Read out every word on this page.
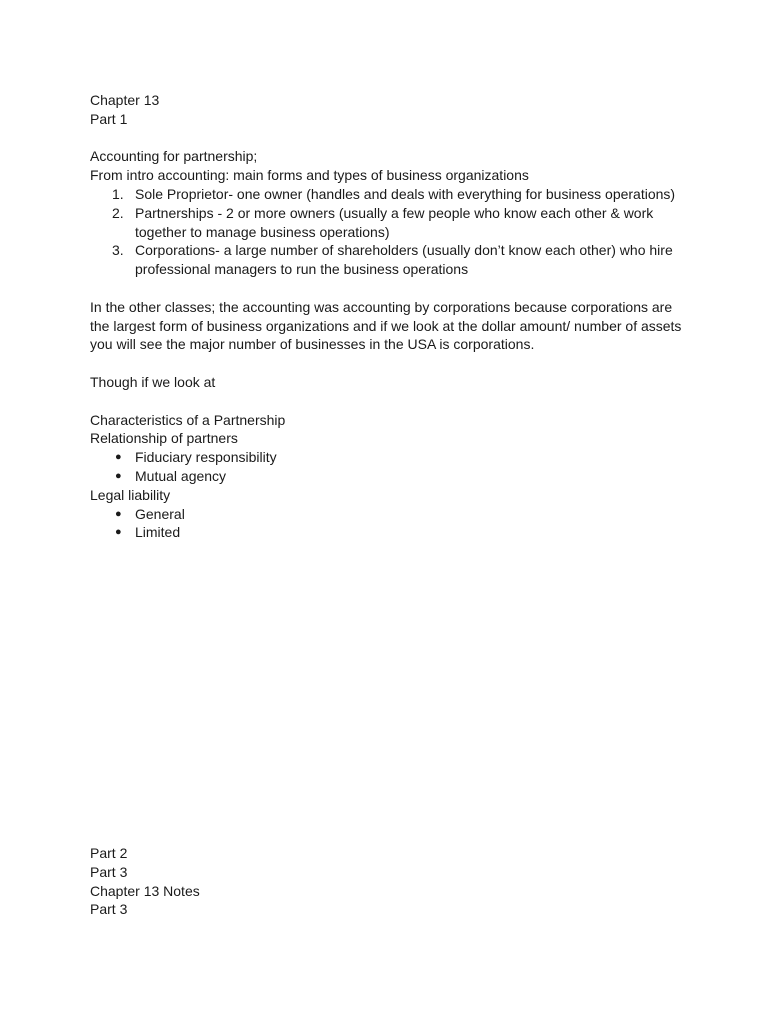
Chapter 13
Part 1
Accounting for partnership;
From intro accounting: main forms and types of business organizations
1. Sole Proprietor- one owner (handles and deals with everything for business operations)
2. Partnerships - 2 or more owners (usually a few people who know each other & work together to manage business operations)
3. Corporations- a large number of shareholders (usually don’t know each other) who hire professional managers to run the business operations
In the other classes; the accounting was accounting by corporations because corporations are the largest form of business organizations and if we look at the dollar amount/ number of assets you will see the major number of businesses in the USA is corporations.
Though if we look at
Characteristics of a Partnership
Relationship of partners
● Fiduciary responsibility
● Mutual agency
Legal liability
● General
● Limited
Part 2
Part 3
Chapter 13 Notes
Part 3
